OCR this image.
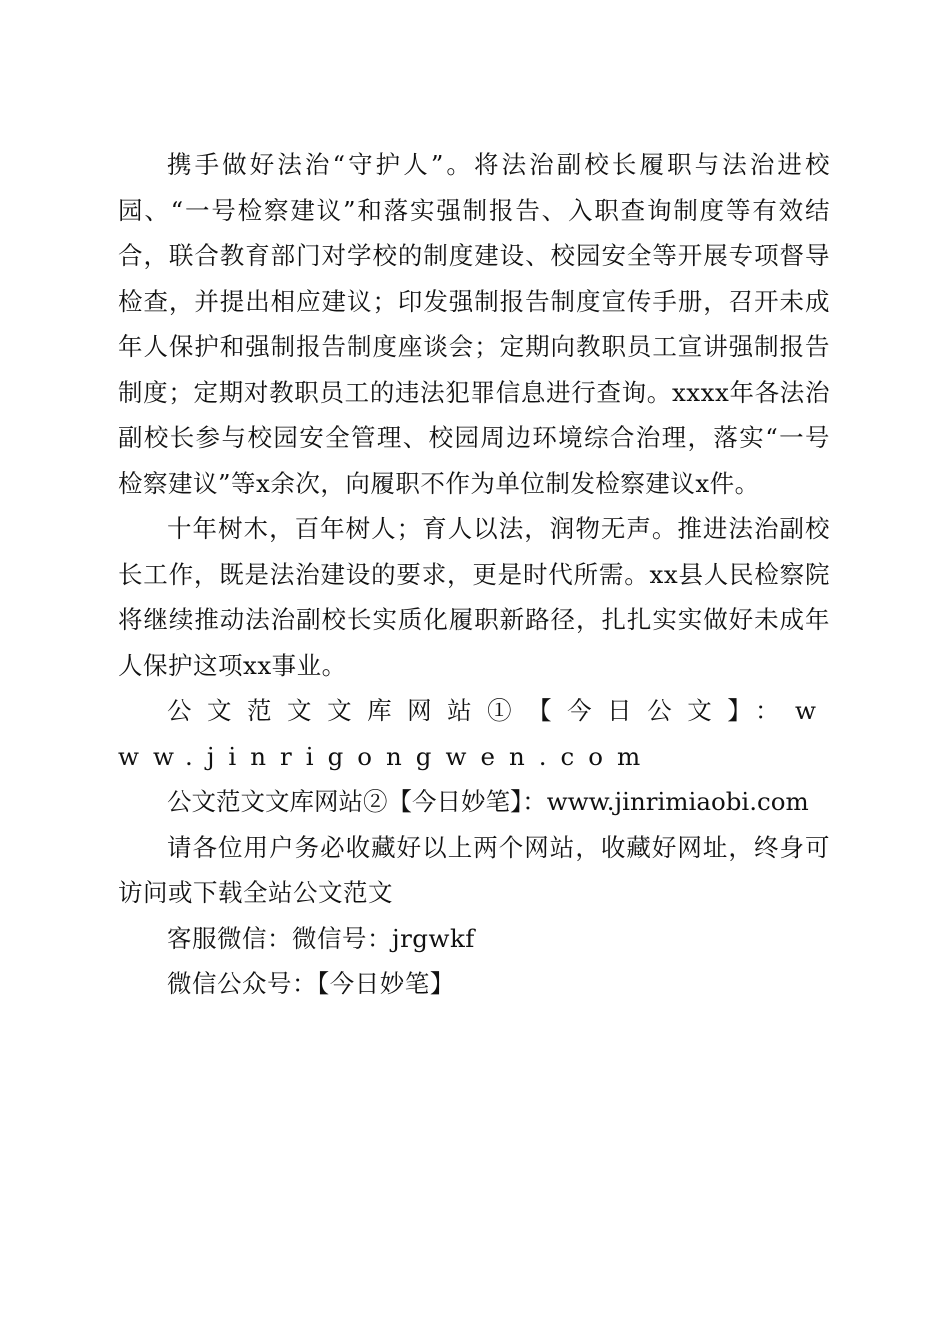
携手做好法治“守护人”。将法治副校长履职与法治进校园、“一号检察建议”和落实强制报告、入职查询制度等有效结合，联合教育部门对学校的制度建设、校园安全等开展专项督导检查，并提出相应建议；印发强制报告制度宣传手册，召开未成年人保护和强制报告制度座谈会；定期向教职员工宣讲强制报告制度；定期对教职员工的违法犯罪信息进行查询。xxxx年各法治副校长参与校园安全管理、校园周边环境综合治理，落实“一号检察建议”等x余次，向履职不作为单位制发检察建议x件。

十年树木，百年树人；育人以法，润物无声。推进法治副校长工作，既是法治建设的要求，更是时代所需。xx县人民检察院将继续推动法治副校长实质化履职新路径，扎扎实实做好未成年人保护这项xx事业。

公文范文文库网站①【今日公文】：www.jinrigongwen.com

公文范文文库网站②【今日妙笔】：www.jinrimiaobi.com

请各位用户务必收藏好以上两个网站，收藏好网址，终身可访问或下载全站公文范文

客服微信：微信号：jrgwkf

微信公众号：【今日妙笔】
